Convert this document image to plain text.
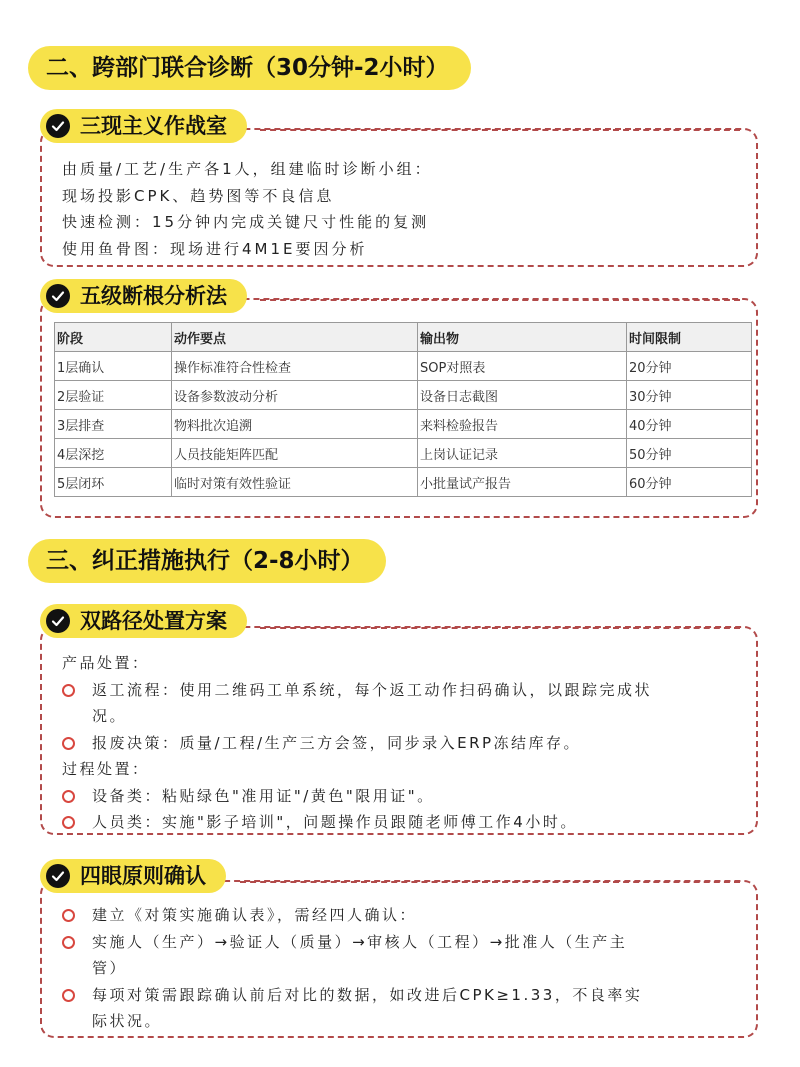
二、跨部门联合诊断（30分钟-2小时）
三现主义作战室
由质量/工艺/生产各1人，组建临时诊断小组：
现场投影CPK、趋势图等不良信息
快速检测：15分钟内完成关键尺寸性能的复测
使用鱼骨图：现场进行4M1E要因分析
五级断根分析法
阶段	动作要点	输出物	时间限制
1层确认	操作标准符合性检查	SOP对照表	20分钟
2层验证	设备参数波动分析	设备日志截图	30分钟
3层排查	物料批次追溯	来料检验报告	40分钟
4层深挖	人员技能矩阵匹配	上岗认证记录	50分钟
5层闭环	临时对策有效性验证	小批量试产报告	60分钟
三、纠正措施执行（2-8小时）
双路径处置方案
产品处置：
返工流程：使用二维码工单系统，每个返工动作扫码确认，以跟踪完成状
况。
报废决策：质量/工程/生产三方会签，同步录入ERP冻结库存。
过程处置：
设备类：粘贴绿色"准用证"/黄色"限用证"。
人员类：实施"影子培训"，问题操作员跟随老师傅工作4小时。
四眼原则确认
建立《对策实施确认表》，需经四人确认：
实施人（生产）→验证人（质量）→审核人（工程）→批准人（生产主
管）
每项对策需跟踪确认前后对比的数据，如改进后CPK≥1.33，不良率实
际状况。
